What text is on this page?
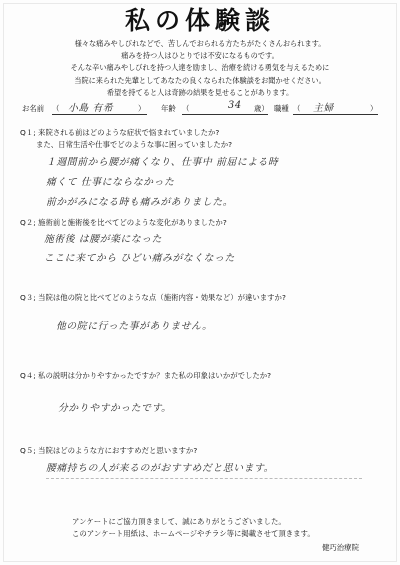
私の体験談
様々な痛みやしびれなどで、苦しんでおられる方たちがたくさんおられます。
痛みを持つ人はひとりでは不安になるものです。
そんな辛い痛みやしびれを持つ人達を励まし、治療を続ける勇気を与えるために
当院に来られた先輩としてあなたの良くなられた体験談をお聞かせください。
希望を持てると人は奇跡の結果を見せることがあります。
お名前 （ 小島 有希	） 年齢 （	34 歳） 職種 （ 主婦	）
Q１; 来院される前はどのような症状で悩まれていましたか?
また、日常生活や仕事でどのような事に困っていましたか?
１週間前から腰が痛くなり、仕事中 前屈による時
痛くて 仕事にならなかった
前かがみになる時も痛みがありました。
Q２; 施術前と施術後を比べてどのような変化がありましたか?
施術後 は腰が楽になった
ここに来てから ひどい痛みがなくなった
Q３; 当院は他の院と比べてどのような点（施術内容・効果など）が違いますか?
他の院に行った事がありません。
Q４; 私の説明は分かりやすかったですか？また私の印象はいかがでしたか?
分かりやすかったです。
Q５; 当院はどのような方におすすめだと思いますか?
腰痛持ちの人が来るのがおすすめだと思います。
アンケートにご協力頂きまして、誠にありがとうございました。
このアンケート用紙は、ホームページやチラシ等に掲載させて頂きます。
健巧治療院
